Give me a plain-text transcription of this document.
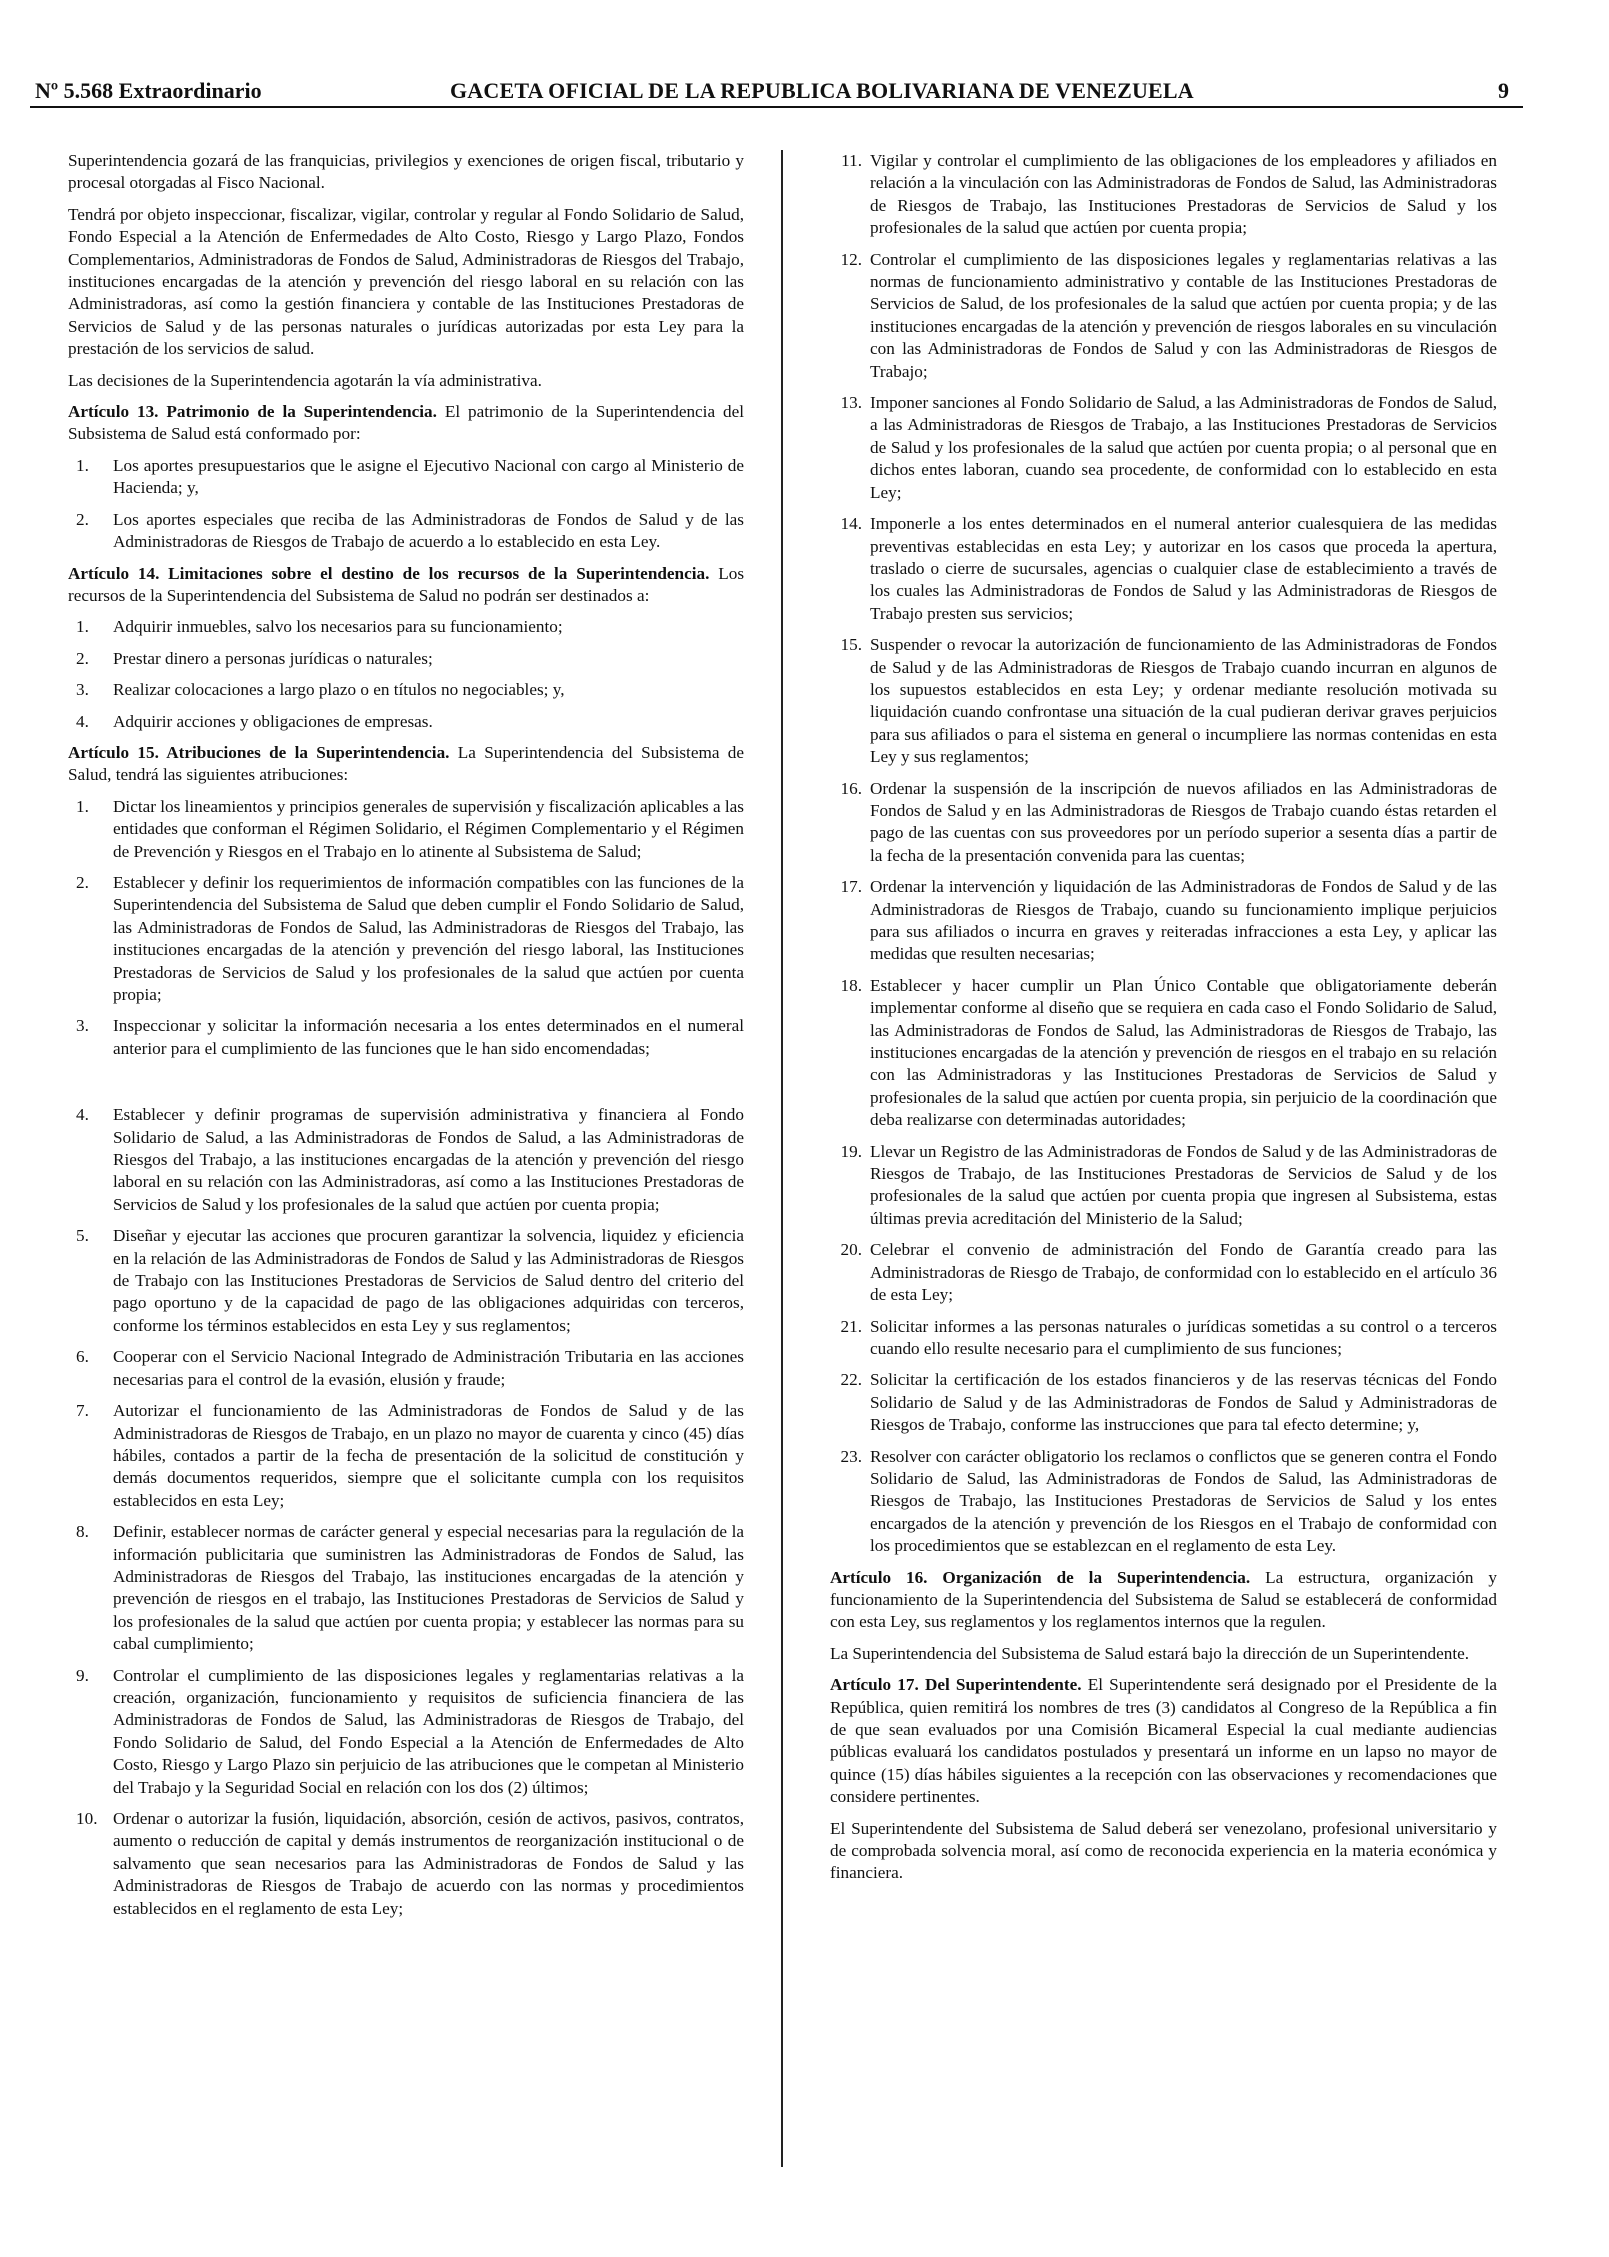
Nº 5.568 Extraordinario	GACETA OFICIAL DE LA REPUBLICA BOLIVARIANA DE VENEZUELA	9

Superintendencia gozará de las franquicias, privilegios y exenciones de origen fiscal, tributario y procesal otorgadas al Fisco Nacional.

Tendrá por objeto inspeccionar, fiscalizar, vigilar, controlar y regular al Fondo Solidario de Salud, Fondo Especial a la Atención de Enfermedades de Alto Costo, Riesgo y Largo Plazo, Fondos Complementarios, Administradoras de Fondos de Salud, Administradoras de Riesgos del Trabajo, instituciones encargadas de la atención y prevención del riesgo laboral en su relación con las Administradoras, así como la gestión financiera y contable de las Instituciones Prestadoras de Servicios de Salud y de las personas naturales o jurídicas autorizadas por esta Ley para la prestación de los servicios de salud.

Las decisiones de la Superintendencia agotarán la vía administrativa.

Artículo 13. Patrimonio de la Superintendencia. El patrimonio de la Superintendencia del Subsistema de Salud está conformado por:

1. Los aportes presupuestarios que le asigne el Ejecutivo Nacional con cargo al Ministerio de Hacienda; y,
2. Los aportes especiales que reciba de las Administradoras de Fondos de Salud y de las Administradoras de Riesgos de Trabajo de acuerdo a lo establecido en esta Ley.

Artículo 14. Limitaciones sobre el destino de los recursos de la Superintendencia. Los recursos de la Superintendencia del Subsistema de Salud no podrán ser destinados a:

1. Adquirir inmuebles, salvo los necesarios para su funcionamiento;
2. Prestar dinero a personas jurídicas o naturales;
3. Realizar colocaciones a largo plazo o en títulos no negociables; y,
4. Adquirir acciones y obligaciones de empresas.

Artículo 15. Atribuciones de la Superintendencia. La Superintendencia del Subsistema de Salud, tendrá las siguientes atribuciones:

1. Dictar los lineamientos y principios generales de supervisión y fiscalización aplicables a las entidades que conforman el Régimen Solidario, el Régimen Complementario y el Régimen de Prevención y Riesgos en el Trabajo en lo atinente al Subsistema de Salud;
2. Establecer y definir los requerimientos de información compatibles con las funciones de la Superintendencia del Subsistema de Salud que deben cumplir el Fondo Solidario de Salud, las Administradoras de Fondos de Salud, las Administradoras de Riesgos del Trabajo, las instituciones encargadas de la atención y prevención del riesgo laboral, las Instituciones Prestadoras de Servicios de Salud y los profesionales de la salud que actúen por cuenta propia;
3. Inspeccionar y solicitar la información necesaria a los entes determinados en el numeral anterior para el cumplimiento de las funciones que le han sido encomendadas;
4. Establecer y definir programas de supervisión administrativa y financiera al Fondo Solidario de Salud, a las Administradoras de Fondos de Salud, a las Administradoras de Riesgos del Trabajo, a las instituciones encargadas de la atención y prevención del riesgo laboral en su relación con las Administradoras, así como a las Instituciones Prestadoras de Servicios de Salud y los profesionales de la salud que actúen por cuenta propia;
5. Diseñar y ejecutar las acciones que procuren garantizar la solvencia, liquidez y eficiencia en la relación de las Administradoras de Fondos de Salud y las Administradoras de Riesgos de Trabajo con las Instituciones Prestadoras de Servicios de Salud dentro del criterio del pago oportuno y de la capacidad de pago de las obligaciones adquiridas con terceros, conforme los términos establecidos en esta Ley y sus reglamentos;
6. Cooperar con el Servicio Nacional Integrado de Administración Tributaria en las acciones necesarias para el control de la evasión, elusión y fraude;
7. Autorizar el funcionamiento de las Administradoras de Fondos de Salud y de las Administradoras de Riesgos de Trabajo, en un plazo no mayor de cuarenta y cinco (45) días hábiles, contados a partir de la fecha de presentación de la solicitud de constitución y demás documentos requeridos, siempre que el solicitante cumpla con los requisitos establecidos en esta Ley;
8. Definir, establecer normas de carácter general y especial necesarias para la regulación de la información publicitaria que suministren las Administradoras de Fondos de Salud, las Administradoras de Riesgos del Trabajo, las instituciones encargadas de la atención y prevención de riesgos en el trabajo, las Instituciones Prestadoras de Servicios de Salud y los profesionales de la salud que actúen por cuenta propia; y establecer las normas para su cabal cumplimiento;
9. Controlar el cumplimiento de las disposiciones legales y reglamentarias relativas a la creación, organización, funcionamiento y requisitos de suficiencia financiera de las Administradoras de Fondos de Salud, las Administradoras de Riesgos de Trabajo, del Fondo Solidario de Salud, del Fondo Especial a la Atención de Enfermedades de Alto Costo, Riesgo y Largo Plazo sin perjuicio de las atribuciones que le competan al Ministerio del Trabajo y la Seguridad Social en relación con los dos (2) últimos;
10. Ordenar o autorizar la fusión, liquidación, absorción, cesión de activos, pasivos, contratos, aumento o reducción de capital y demás instrumentos de reorganización institucional o de salvamento que sean necesarios para las Administradoras de Fondos de Salud y las Administradoras de Riesgos de Trabajo de acuerdo con las normas y procedimientos establecidos en el reglamento de esta Ley;
11. Vigilar y controlar el cumplimiento de las obligaciones de los empleadores y afiliados en relación a la vinculación con las Administradoras de Fondos de Salud, las Administradoras de Riesgos de Trabajo, las Instituciones Prestadoras de Servicios de Salud y los profesionales de la salud que actúen por cuenta propia;
12. Controlar el cumplimiento de las disposiciones legales y reglamentarias relativas a las normas de funcionamiento administrativo y contable de las Instituciones Prestadoras de Servicios de Salud, de los profesionales de la salud que actúen por cuenta propia; y de las instituciones encargadas de la atención y prevención de riesgos laborales en su vinculación con las Administradoras de Fondos de Salud y con las Administradoras de Riesgos de Trabajo;
13. Imponer sanciones al Fondo Solidario de Salud, a las Administradoras de Fondos de Salud, a las Administradoras de Riesgos de Trabajo, a las Instituciones Prestadoras de Servicios de Salud y los profesionales de la salud que actúen por cuenta propia; o al personal que en dichos entes laboran, cuando sea procedente, de conformidad con lo establecido en esta Ley;
14. Imponerle a los entes determinados en el numeral anterior cualesquiera de las medidas preventivas establecidas en esta Ley; y autorizar en los casos que proceda la apertura, traslado o cierre de sucursales, agencias o cualquier clase de establecimiento a través de los cuales las Administradoras de Fondos de Salud y las Administradoras de Riesgos de Trabajo presten sus servicios;
15. Suspender o revocar la autorización de funcionamiento de las Administradoras de Fondos de Salud y de las Administradoras de Riesgos de Trabajo cuando incurran en algunos de los supuestos establecidos en esta Ley; y ordenar mediante resolución motivada su liquidación cuando confrontase una situación de la cual pudieran derivar graves perjuicios para sus afiliados o para el sistema en general o incumpliere las normas contenidas en esta Ley y sus reglamentos;
16. Ordenar la suspensión de la inscripción de nuevos afiliados en las Administradoras de Fondos de Salud y en las Administradoras de Riesgos de Trabajo cuando éstas retarden el pago de las cuentas con sus proveedores por un período superior a sesenta días a partir de la fecha de la presentación convenida para las cuentas;
17. Ordenar la intervención y liquidación de las Administradoras de Fondos de Salud y de las Administradoras de Riesgos de Trabajo, cuando su funcionamiento implique perjuicios para sus afiliados o incurra en graves y reiteradas infracciones a esta Ley, y aplicar las medidas que resulten necesarias;
18. Establecer y hacer cumplir un Plan Único Contable que obligatoriamente deberán implementar conforme al diseño que se requiera en cada caso el Fondo Solidario de Salud, las Administradoras de Fondos de Salud, las Administradoras de Riesgos de Trabajo, las instituciones encargadas de la atención y prevención de riesgos en el trabajo en su relación con las Administradoras y las Instituciones Prestadoras de Servicios de Salud y profesionales de la salud que actúen por cuenta propia, sin perjuicio de la coordinación que deba realizarse con determinadas autoridades;
19. Llevar un Registro de las Administradoras de Fondos de Salud y de las Administradoras de Riesgos de Trabajo, de las Instituciones Prestadoras de Servicios de Salud y de los profesionales de la salud que actúen por cuenta propia que ingresen al Subsistema, estas últimas previa acreditación del Ministerio de la Salud;
20. Celebrar el convenio de administración del Fondo de Garantía creado para las Administradoras de Riesgo de Trabajo, de conformidad con lo establecido en el artículo 36 de esta Ley;
21. Solicitar informes a las personas naturales o jurídicas sometidas a su control o a terceros cuando ello resulte necesario para el cumplimiento de sus funciones;
22. Solicitar la certificación de los estados financieros y de las reservas técnicas del Fondo Solidario de Salud y de las Administradoras de Fondos de Salud y Administradoras de Riesgos de Trabajo, conforme las instrucciones que para tal efecto determine; y,
23. Resolver con carácter obligatorio los reclamos o conflictos que se generen contra el Fondo Solidario de Salud, las Administradoras de Fondos de Salud, las Administradoras de Riesgos de Trabajo, las Instituciones Prestadoras de Servicios de Salud y los entes encargados de la atención y prevención de los Riesgos en el Trabajo de conformidad con los procedimientos que se establezcan en el reglamento de esta Ley.

Artículo 16. Organización de la Superintendencia. La estructura, organización y funcionamiento de la Superintendencia del Subsistema de Salud se establecerá de conformidad con esta Ley, sus reglamentos y los reglamentos internos que la regulen.

La Superintendencia del Subsistema de Salud estará bajo la dirección de un Superintendente.

Artículo 17. Del Superintendente. El Superintendente será designado por el Presidente de la República, quien remitirá los nombres de tres (3) candidatos al Congreso de la República a fin de que sean evaluados por una Comisión Bicameral Especial la cual mediante audiencias públicas evaluará los candidatos postulados y presentará un informe en un lapso no mayor de quince (15) días hábiles siguientes a la recepción con las observaciones y recomendaciones que considere pertinentes.

El Superintendente del Subsistema de Salud deberá ser venezolano, profesional universitario y de comprobada solvencia moral, así como de reconocida experiencia en la materia económica y financiera.
